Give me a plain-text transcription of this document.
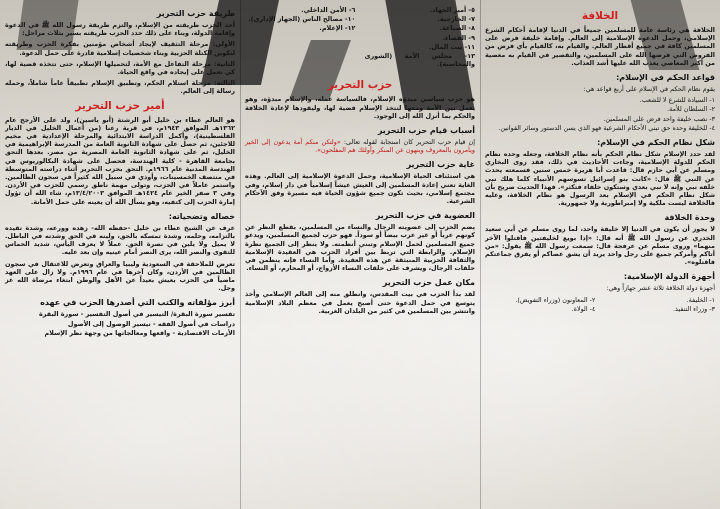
الخلافة

الخلافة هي رئاسة عامة للمسلمين جميعاً في الدنيا لإقامة أحكام الشرع الإسلامي، وحمل الدعوة الإسلامية إلى العالم. وإقامة خليفة فرض على المسلمين كافة في جميع أقطار العالم. والقيام به، كالقيام بأي فرض من الفروض التي فرضها الله على المسلمين، والتقصير في القيام به معصية من أكبر المعاصي يعذب الله عليها أشد العذاب.

قواعد الحكم في الإسلام:

يقوم نظام الحكم في الإسلام على أربع قواعد هي:

١- السيادة للشرع لا للشعب.

٢- السلطان للأمة.

٣- نصب خليفة واحد فرض على المسلمين.

٤- للخليفة وحده حق تبني الأحكام الشرعية فهو الذي يسن الدستور وسائر القوانين.

شكل نظام الحكم في الإسلام:

لقد حدد الإسلام شكل نظام الحكم بأنه نظام الخلافة، وجعله وحده نظام الحكم للدولة الإسلامية، وجاءت الأحاديث في ذلك، فقد روى البخاري ومسلم عن أبي حازم قال: قاعدت أبا هريرة خمس سنين فسمعته يحدث عن النبي ﷺ قال: «كانت بنو إسرائيل تسوسهم الأنبياء كلما هلك نبي خلفه نبي وإنه لا نبي بعدي وستكون خلفاء فتكثر». فهذا الحديث صريح بأن شكل نظام الحكم في الإسلام بعد الرسول هو نظام الخلافة، وعليه فالخلافة ليست ملكية ولا إمبراطورية ولا جمهورية.

وحدة الخلافة

لا يجوز أن يكون في الدنيا إلا خليفة واحد، لما روى مسلم عن أبي سعيد الخدري عن رسول الله ﷺ أنه قال: «إذا بويع لخليفتين فاقتلوا الآخر منهما» وروى مسلم عن عرفجة قال: سمعت رسول الله ﷺ يقول: «من أتاكم وأمركم جميع على رجل واحد يريد أن يشق عصاكم أو يفرق جماعتكم فاقتلوه».

أجهزة الدولة الإسلامية:

أجهزة دولة الخلافة ثلاثة عشر جهازاً وهي:

١- الخليفة.

٣- وزراء التنفيذ.

٢- المعاونون (وزراء التفويض).

٤- الولاة.

٥- أمير الجهاد.

٧- الخارجية.

٨- الصناعة.

٩- القضاء.

١١- بيت المال.

١٣- مجلس الأمة (الشورى والمحاسبة).

٦- الأمن الداخلي.

١٠- مصالح الناس (الجهاز الإداري).

١٢- الإعلام.

حزب التحرير

هو حزب سياسي مبدؤه الإسلام، فالسياسة عمله، والإسلام مبدؤه، وهو يعمل بين الأمة ومعها لتتخذ الإسلام قضية لها، وليقودها لإعادة الخلافة والحكم بما أنزل الله إلى الوجود.

أسباب قيام حزب التحرير

إن قيام حزب التحرير كان استجابة لقوله تعالى: «ولتكن منكم أمة يدعون إلى الخير ويأمرون بالمعروف وينهون عن المنكر وأولئك هم المفلحون».

غاية حزب التحرير

هي استئناف الحياة الإسلامية، وحمل الدعوة الإسلامية إلى العالم. وهذه الغاية تعني إعادة المسلمين إلى العيش عيشاً إسلامياً في دار إسلام، وفي مجتمع إسلامي، بحيث تكون جميع شؤون الحياة فيه مسيرة وفق الأحكام الشرعية.

العضوية في حزب التحرير

يضم الحزب إلى عضويته الرجال والنساء من المسلمين، بقطع النظر عن كونهم عرباً أو غير عرب بيضاً أو سوداً. فهو حزب لجميع المسلمين، ويدعو جميع المسلمين لحمل الإسلام وتبني أنظمته. ولا ينظر إلى الجميع نظرة الإسلام. والرابطة التي تربط بين أفراد الحزب هي العقيدة الإسلامية والثقافة الحزبية المنبثقة عن هذه العقيدة. وأما النساء فإنه ينظمن في حلقات الرجال، ويشرف على حلقات النساء الأزواج، أو المحارم، أو النساء.

مكان عمل حزب التحرير

لقد بدأ الحزب في بيت المقدس، وانطلق منه إلى العالم الإسلامي وأخذ يتوسع في حمل الدعوة حتى أصبح يعمل في معظم البلاد الإسلامية وانتشر بين المسلمين في كثير من البلدان الغربية.

طريقة حزب التحرير

أخذ الحزب طريقته من الإسلام، والتزم طريقة رسول الله ﷺ في الدعوة وإقامة الدولة، وبناء على ذلك حدد الحزب طريقته بسير بثلاث مراحل:

الأولى: مرحلة التثقيف لإيجاد أشخاص مؤمنين بفكرة الحزب وطريقته لتكوين الكتلة الحزبية وبناء شخصيات إسلامية قادرة على حمل الدعوة.

الثانية: مرحلة التفاعل مع الأمة، لتحميلها الإسلام، حتى تتخذه قضية لها، كي تعمل على إيجاده في واقع الحياة.

الثالثة: مرحلة استلام الحكم، وتطبيق الإسلام تطبيقاً عاماً شاملاً، وحمله رسالة إلى العالم.

أمير حزب التحرير

هو العالم عطاء بن خليل أبو الرشتة (أبو ياسين)، ولد على الأرجح عام ١٣٦٢هـ الموافق ١٩٤٣م، في قرية رعنا (من أعمال الخليل في الديار الفلسطينية)، وأكمل الدراسة الابتدائية والمرحلة الإعدادية في مخيم للاجئين، ثم حصل على شهادة الثانوية العامة من المدرسة الإبراهيمية في الخليل، ثم على شهادة الثانوية العامة المصرية من مصر. بعدها التحق بجامعة القاهرة - كلية الهندسة، فحصل على شهادة البكالوريوس في الهندسة المدنية عام ١٩٦٦م. التحق بحزب التحرير أثناء دراسته المتوسطة في منتصف الخمسينات، وأوذي في سبيل الله كثيراً في سجون الظالمين. واستمر عاملاً في الحزب، وتولى مهمة ناطق رسمي للحزب في الأردن. وفي ٣ صفر الخير عام ١٤٢٤هـ الموافق ١٣/٤/٢٠٠٣م، شاء الله أن تؤول إمارة الحزب إلى كتفيه، وهو يسأل الله أن يعينه على حمل الأمانة.

خصاله وتضحياته:

عرف عن الشيخ عطاء بن خليل -حفظه الله- زهده وورعه، وشدة تقيده بالتزامه، وحلمه، وشدة تمسكه بالحق، ولينه في الحق وشدته في الباطل. لا يميل ولا يلين في نصرة الحق. عملاً لا يعرف اليأس، شديد الحماس للتقوى والنصر الله، يرى النصر أمام عينيه وإن بعد عليه.

تعرض للملاحقة في السعودية وليبيا والعراق وتعرض للاعتقال في سجون الظالمين في الأردن، وكان آخرها في عام ١٩٩٦م. ولا زال على العهد ماضياً في الحزب يعيش بعيداً عن الأهل والوطن ابتغاء مرضاة الله عز وجل.

أبرز مؤلفاته والكتب التي أصدرها الحزب في عهده

تفسير سورة البقرة/ التيسير في أصول التفسير - سورة البقرة

دراسات في أصول الفقه - تيسير الوصول إلى الأصول

الأزمات الاقتصادية - واقعها ومعالجاتها من وجهة نظر الإسلام
